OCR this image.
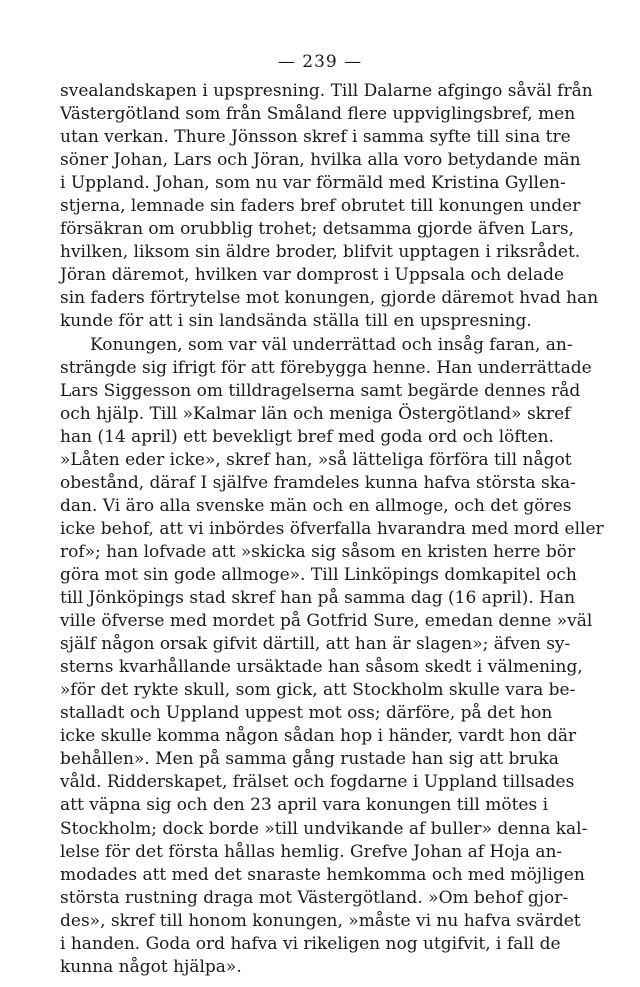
— 239 —
svealandskapen i upspresning. Till Dalarne afgingo såväl från
Västergötland som från Småland flere uppviglingsbref, men
utan verkan. Thure Jönsson skref i samma syfte till sina tre
söner Johan, Lars och Jöran, hvilka alla voro betydande män
i Uppland. Johan, som nu var förmäld med Kristina Gyllen-
stjerna, lemnade sin faders bref obrutet till konungen under
försäkran om orubblig trohet; detsamma gjorde äfven Lars,
hvilken, liksom sin äldre broder, blifvit upptagen i riksrådet.
Jöran däremot, hvilken var domprost i Uppsala och delade
sin faders förtrytelse mot konungen, gjorde däremot hvad han
kunde för att i sin landsända ställa till en upspresning.
Konungen, som var väl underrättad och insåg faran, an-
strängde sig ifrigt för att förebygga henne. Han underrättade
Lars Siggesson om tilldragelserna samt begärde dennes råd
och hjälp. Till »Kalmar län och meniga Östergötland» skref
han (14 april) ett bevekligt bref med goda ord och löften.
»Låten eder icke», skref han, »så lätteliga förföra till något
obestånd, däraf I själfve framdeles kunna hafva största ska-
dan. Vi äro alla svenske män och en allmoge, och det göres
icke behof, att vi inbördes öfverfalla hvarandra med mord eller
rof»; han lofvade att »skicka sig såsom en kristen herre bör
göra mot sin gode allmoge». Till Linköpings domkapitel och
till Jönköpings stad skref han på samma dag (16 april). Han
ville öfverse med mordet på Gotfrid Sure, emedan denne »väl
själf någon orsak gifvit därtill, att han är slagen»; äfven sy-
sterns kvarhållande ursäktade han såsom skedt i välmening,
»för det rykte skull, som gick, att Stockholm skulle vara be-
stalladt och Uppland uppest mot oss; därföre, på det hon
icke skulle komma någon sådan hop i händer, vardt hon där
behållen». Men på samma gång rustade han sig att bruka
våld. Ridderskapet, frälset och fogdarne i Uppland tillsades
att väpna sig och den 23 april vara konungen till mötes i
Stockholm; dock borde »till undvikande af buller» denna kal-
lelse för det första hållas hemlig. Grefve Johan af Hoja an-
modades att med det snaraste hemkomma och med möjligen
största rustning draga mot Västergötland. »Om behof gjor-
des», skref till honom konungen, »måste vi nu hafva svärdet
i handen. Goda ord hafva vi rikeligen nog utgifvit, i fall de
kunna något hjälpa».
